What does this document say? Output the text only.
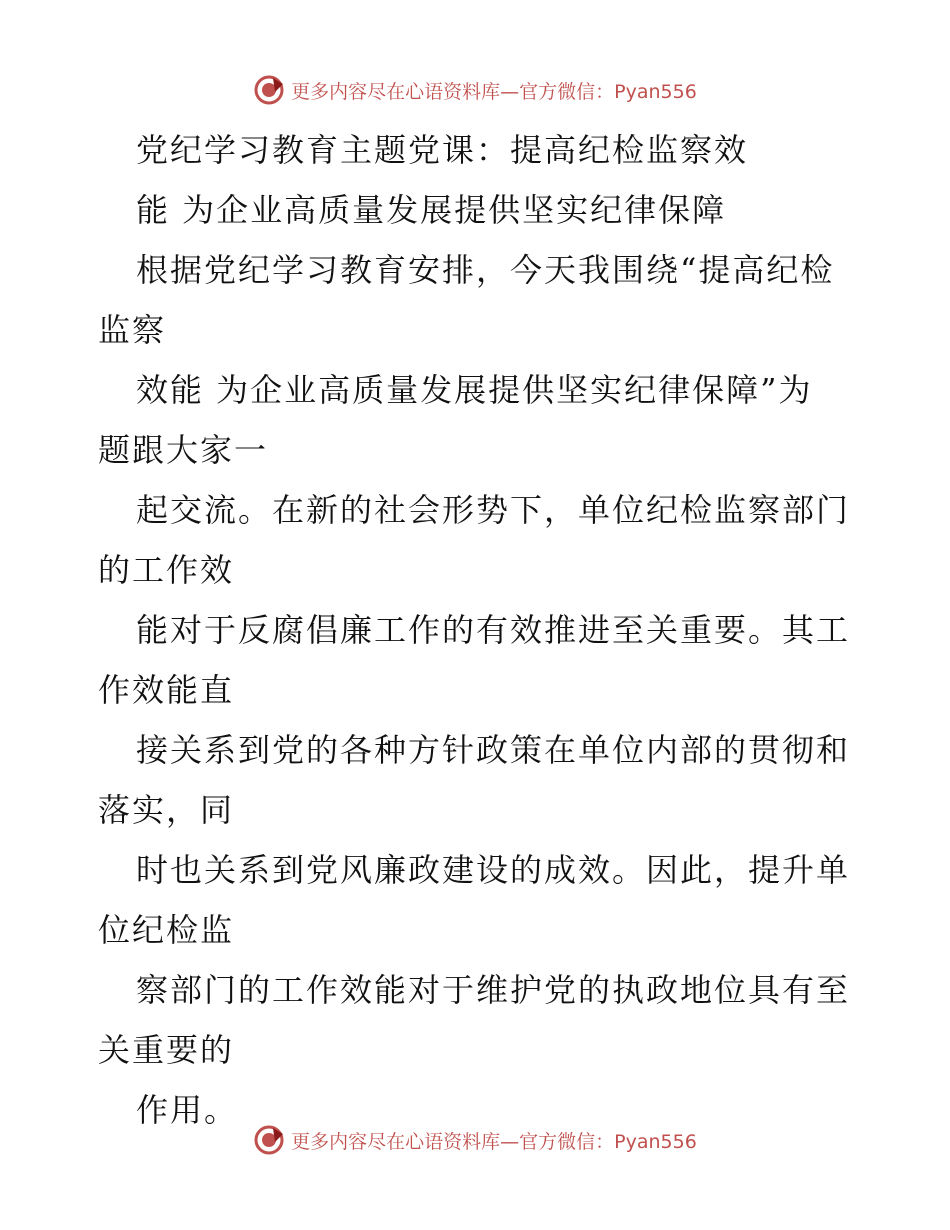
更多内容尽在心语资料库—官方微信：Pyan556
党纪学习教育主题党课：提高纪检监察效
能 为企业高质量发展提供坚实纪律保障
根据党纪学习教育安排，今天我围绕“提高纪检
监察
效能 为企业高质量发展提供坚实纪律保障”为
题跟大家一
起交流。在新的社会形势下，单位纪检监察部门
的工作效
能对于反腐倡廉工作的有效推进至关重要。其工
作效能直
接关系到党的各种方针政策在单位内部的贯彻和
落实，同
时也关系到党风廉政建设的成效。因此，提升单
位纪检监
察部门的工作效能对于维护党的执政地位具有至
关重要的
作用。
更多内容尽在心语资料库—官方微信：Pyan556
